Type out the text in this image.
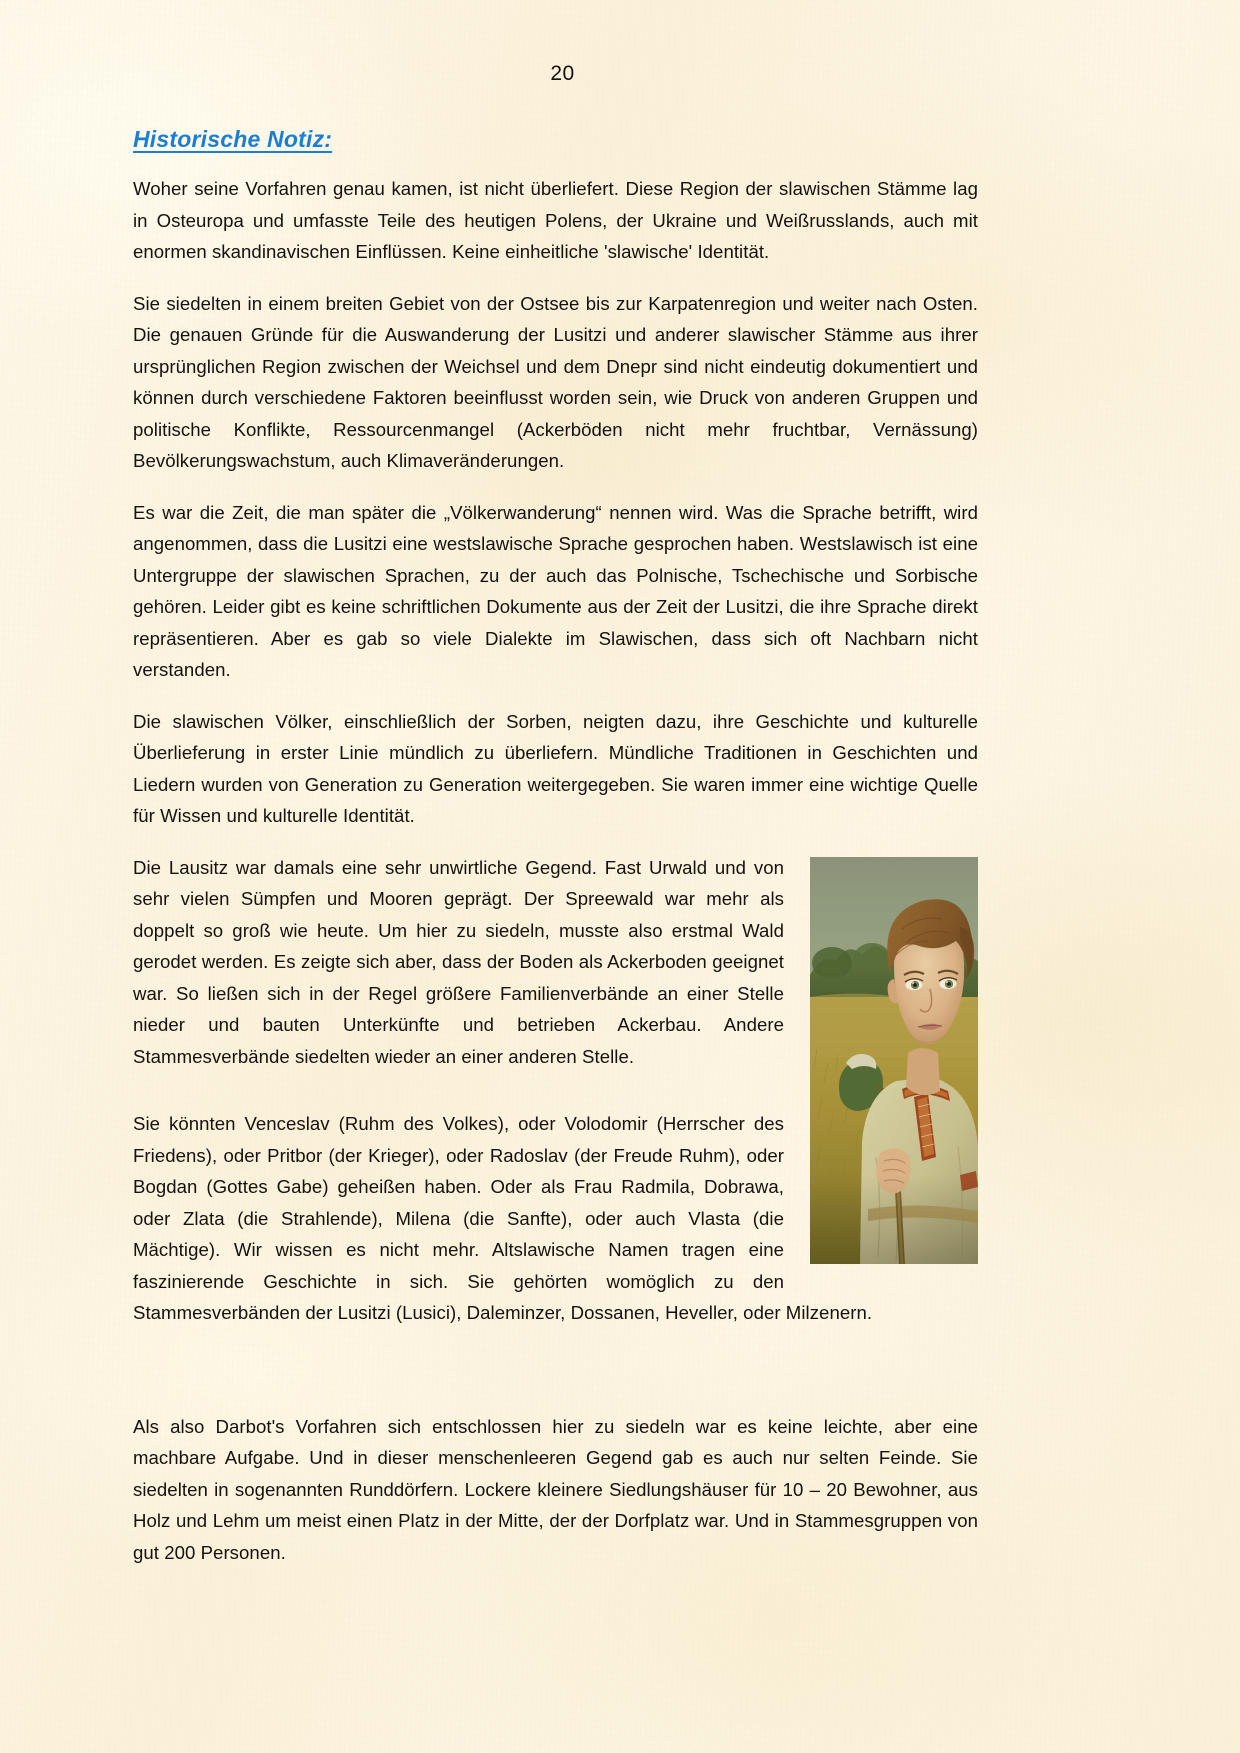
20
Historische Notiz:

Woher seine Vorfahren genau kamen, ist nicht überliefert. Diese Region der slawischen Stämme lag in Osteuropa und umfasste Teile des heutigen Polens, der Ukraine und Weißrusslands, auch mit enormen skandinavischen Einflüssen. Keine einheitliche 'slawische' Identität.

Sie siedelten in einem breiten Gebiet von der Ostsee bis zur Karpatenregion und weiter nach Osten. Die genauen Gründe für die Auswanderung der Lusitzi und anderer slawischer Stämme aus ihrer ursprünglichen Region zwischen der Weichsel und dem Dnepr sind nicht eindeutig dokumentiert und können durch verschiedene Faktoren beeinflusst worden sein, wie Druck von anderen Gruppen und politische Konflikte, Ressourcenmangel (Ackerböden nicht mehr fruchtbar, Vernässung) Bevölkerungswachstum, auch Klimaveränderungen.

Es war die Zeit, die man später die „Völkerwanderung“ nennen wird. Was die Sprache betrifft, wird angenommen, dass die Lusitzi eine westslawische Sprache gesprochen haben. Westslawisch ist eine Untergruppe der slawischen Sprachen, zu der auch das Polnische, Tschechische und Sorbische gehören. Leider gibt es keine schriftlichen Dokumente aus der Zeit der Lusitzi, die ihre Sprache direkt repräsentieren. Aber es gab so viele Dialekte im Slawischen, dass sich oft Nachbarn nicht verstanden.

Die slawischen Völker, einschließlich der Sorben, neigten dazu, ihre Geschichte und kulturelle Überlieferung in erster Linie mündlich zu überliefern. Mündliche Traditionen in Geschichten und Liedern wurden von Generation zu Generation weitergegeben. Sie waren immer eine wichtige Quelle für Wissen und kulturelle Identität.

Die Lausitz war damals eine sehr unwirtliche Gegend. Fast Urwald und von sehr vielen Sümpfen und Mooren geprägt. Der Spreewald war mehr als doppelt so groß wie heute. Um hier zu siedeln, musste also erstmal Wald gerodet werden. Es zeigte sich aber, dass der Boden als Ackerboden geeignet war. So ließen sich in der Regel größere Familienverbände an einer Stelle nieder und bauten Unterkünfte und betrieben Ackerbau. Andere Stammesverbände siedelten wieder an einer anderen Stelle.

Sie könnten Venceslav (Ruhm des Volkes), oder Volodomir (Herrscher des Friedens), oder Pritbor (der Krieger), oder Radoslav (der Freude Ruhm), oder Bogdan (Gottes Gabe) geheißen haben. Oder als Frau Radmila, Dobrawa, oder Zlata (die Strahlende), Milena (die Sanfte), oder auch Vlasta (die Mächtige). Wir wissen es nicht mehr. Altslawische Namen tragen eine faszinierende Geschichte in sich. Sie gehörten womöglich zu den Stammesverbänden der Lusitzi (Lusici), Daleminzer, Dossanen, Heveller, oder Milzenern.

Als also Darbot's Vorfahren sich entschlossen hier zu siedeln war es keine leichte, aber eine machbare Aufgabe. Und in dieser menschenleeren Gegend gab es auch nur selten Feinde. Sie siedelten in sogenannten Runddörfern. Lockere kleinere Siedlungshäuser für 10 – 20 Bewohner, aus Holz und Lehm um meist einen Platz in der Mitte, der der Dorfplatz war. Und in Stammesgruppen von gut 200 Personen.
